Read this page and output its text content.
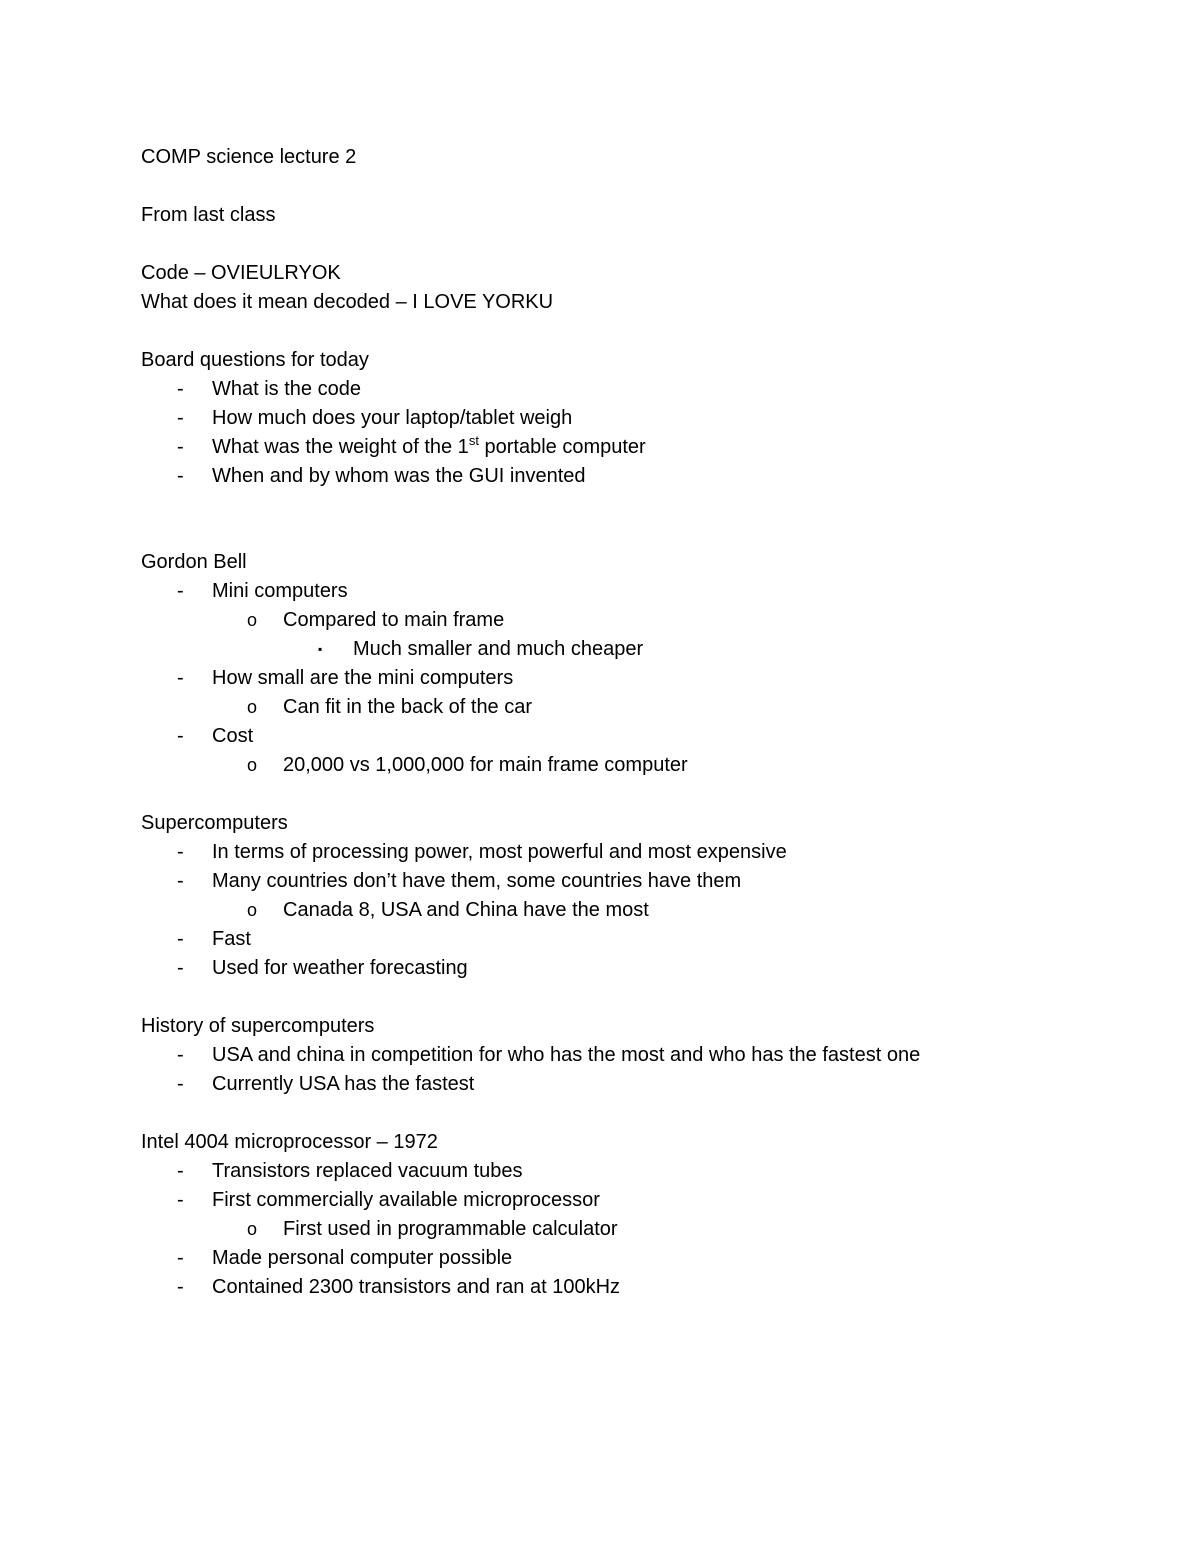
COMP science lecture 2
From last class
Code – OVIEULRYOK
What does it mean decoded – I LOVE YORKU
Board questions for today
- What is the code
- How much does your laptop/tablet weigh
- What was the weight of the 1st portable computer
- When and by whom was the GUI invented
Gordon Bell
- Mini computers
o Compared to main frame
▪ Much smaller and much cheaper
- How small are the mini computers
o Can fit in the back of the car
- Cost
o 20,000 vs 1,000,000 for main frame computer
Supercomputers
- In terms of processing power, most powerful and most expensive
- Many countries don’t have them, some countries have them
o Canada 8, USA and China have the most
- Fast
- Used for weather forecasting
History of supercomputers
- USA and china in competition for who has the most and who has the fastest one
- Currently USA has the fastest
Intel 4004 microprocessor – 1972
- Transistors replaced vacuum tubes
- First commercially available microprocessor
o First used in programmable calculator
- Made personal computer possible
- Contained 2300 transistors and ran at 100kHz
